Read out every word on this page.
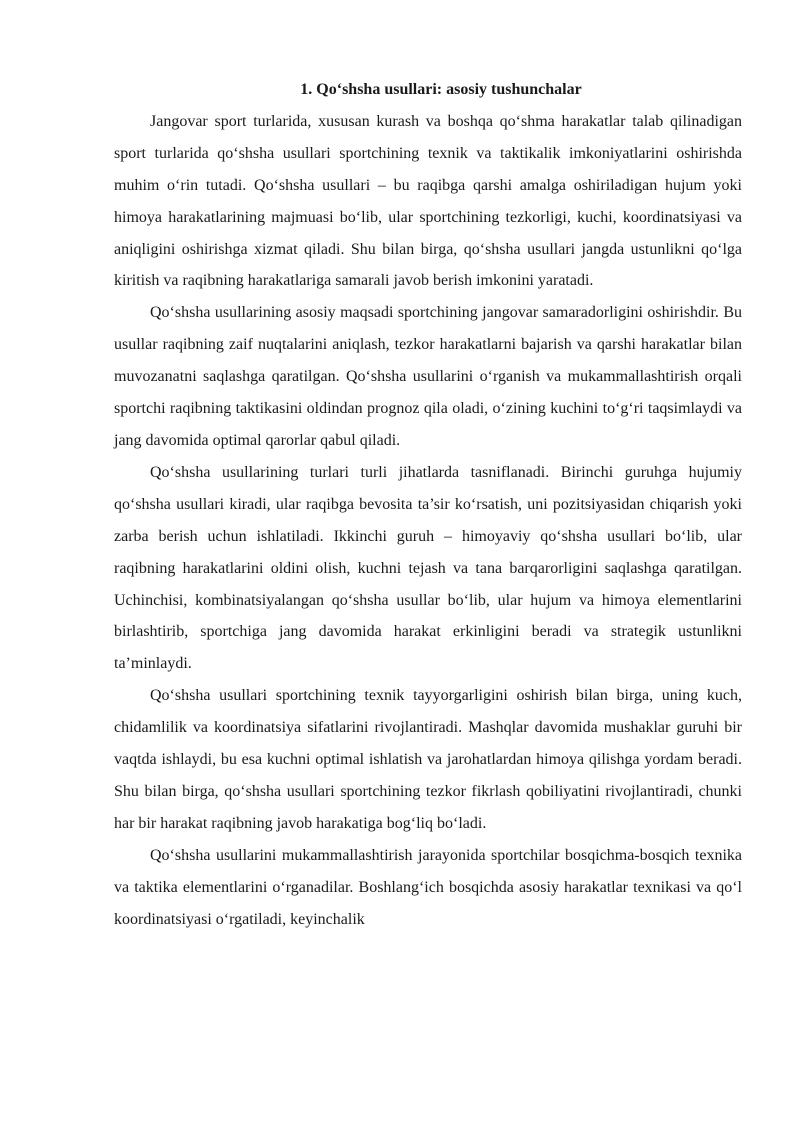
1. Qo‘shsha usullari: asosiy tushunchalar

Jangovar sport turlarida, xususan kurash va boshqa qo‘shma harakatlar talab qilinadigan sport turlarida qo‘shsha usullari sportchining texnik va taktikalik imkoniyatlarini oshirishda muhim o‘rin tutadi. Qo‘shsha usullari – bu raqibga qarshi amalga oshiriladigan hujum yoki himoya harakatlarining majmuasi bo‘lib, ular sportchining tezkorligi, kuchi, koordinatsiyasi va aniqligini oshirishga xizmat qiladi. Shu bilan birga, qo‘shsha usullari jangda ustunlikni qo‘lga kiritish va raqibning harakatlariga samarali javob berish imkonini yaratadi.

Qo‘shsha usullarining asosiy maqsadi sportchining jangovar samaradorligini oshirishdir. Bu usullar raqibning zaif nuqtalarini aniqlash, tezkor harakatlarni bajarish va qarshi harakatlar bilan muvozanatni saqlashga qaratilgan. Qo‘shsha usullarini o‘rganish va mukammallashtirish orqali sportchi raqibning taktikasini oldindan prognoz qila oladi, o‘zining kuchini to‘g‘ri taqsimlaydi va jang davomida optimal qarorlar qabul qiladi.

Qo‘shsha usullarining turlari turli jihatlarda tasniflanadi. Birinchi guruhga hujumiy qo‘shsha usullari kiradi, ular raqibga bevosita ta’sir ko‘rsatish, uni pozitsiyasidan chiqarish yoki zarba berish uchun ishlatiladi. Ikkinchi guruh – himoyaviy qo‘shsha usullari bo‘lib, ular raqibning harakatlarini oldini olish, kuchni tejash va tana barqarorligini saqlashga qaratilgan. Uchinchisi, kombinatsiyalangan qo‘shsha usullar bo‘lib, ular hujum va himoya elementlarini birlashtirib, sportchiga jang davomida harakat erkinligini beradi va strategik ustunlikni ta’minlaydi.

Qo‘shsha usullari sportchining texnik tayyorgarligini oshirish bilan birga, uning kuch, chidamlilik va koordinatsiya sifatlarini rivojlantiradi. Mashqlar davomida mushaklar guruhi bir vaqtda ishlaydi, bu esa kuchni optimal ishlatish va jarohatlardan himoya qilishga yordam beradi. Shu bilan birga, qo‘shsha usullari sportchining tezkor fikrlash qobiliyatini rivojlantiradi, chunki har bir harakat raqibning javob harakatiga bog‘liq bo‘ladi.

Qo‘shsha usullarini mukammallashtirish jarayonida sportchilar bosqichma-bosqich texnika va taktika elementlarini o‘rganadilar. Boshlang‘ich bosqichda asosiy harakatlar texnikasi va qo‘l koordinatsiyasi o‘rgatiladi, keyinchalik
